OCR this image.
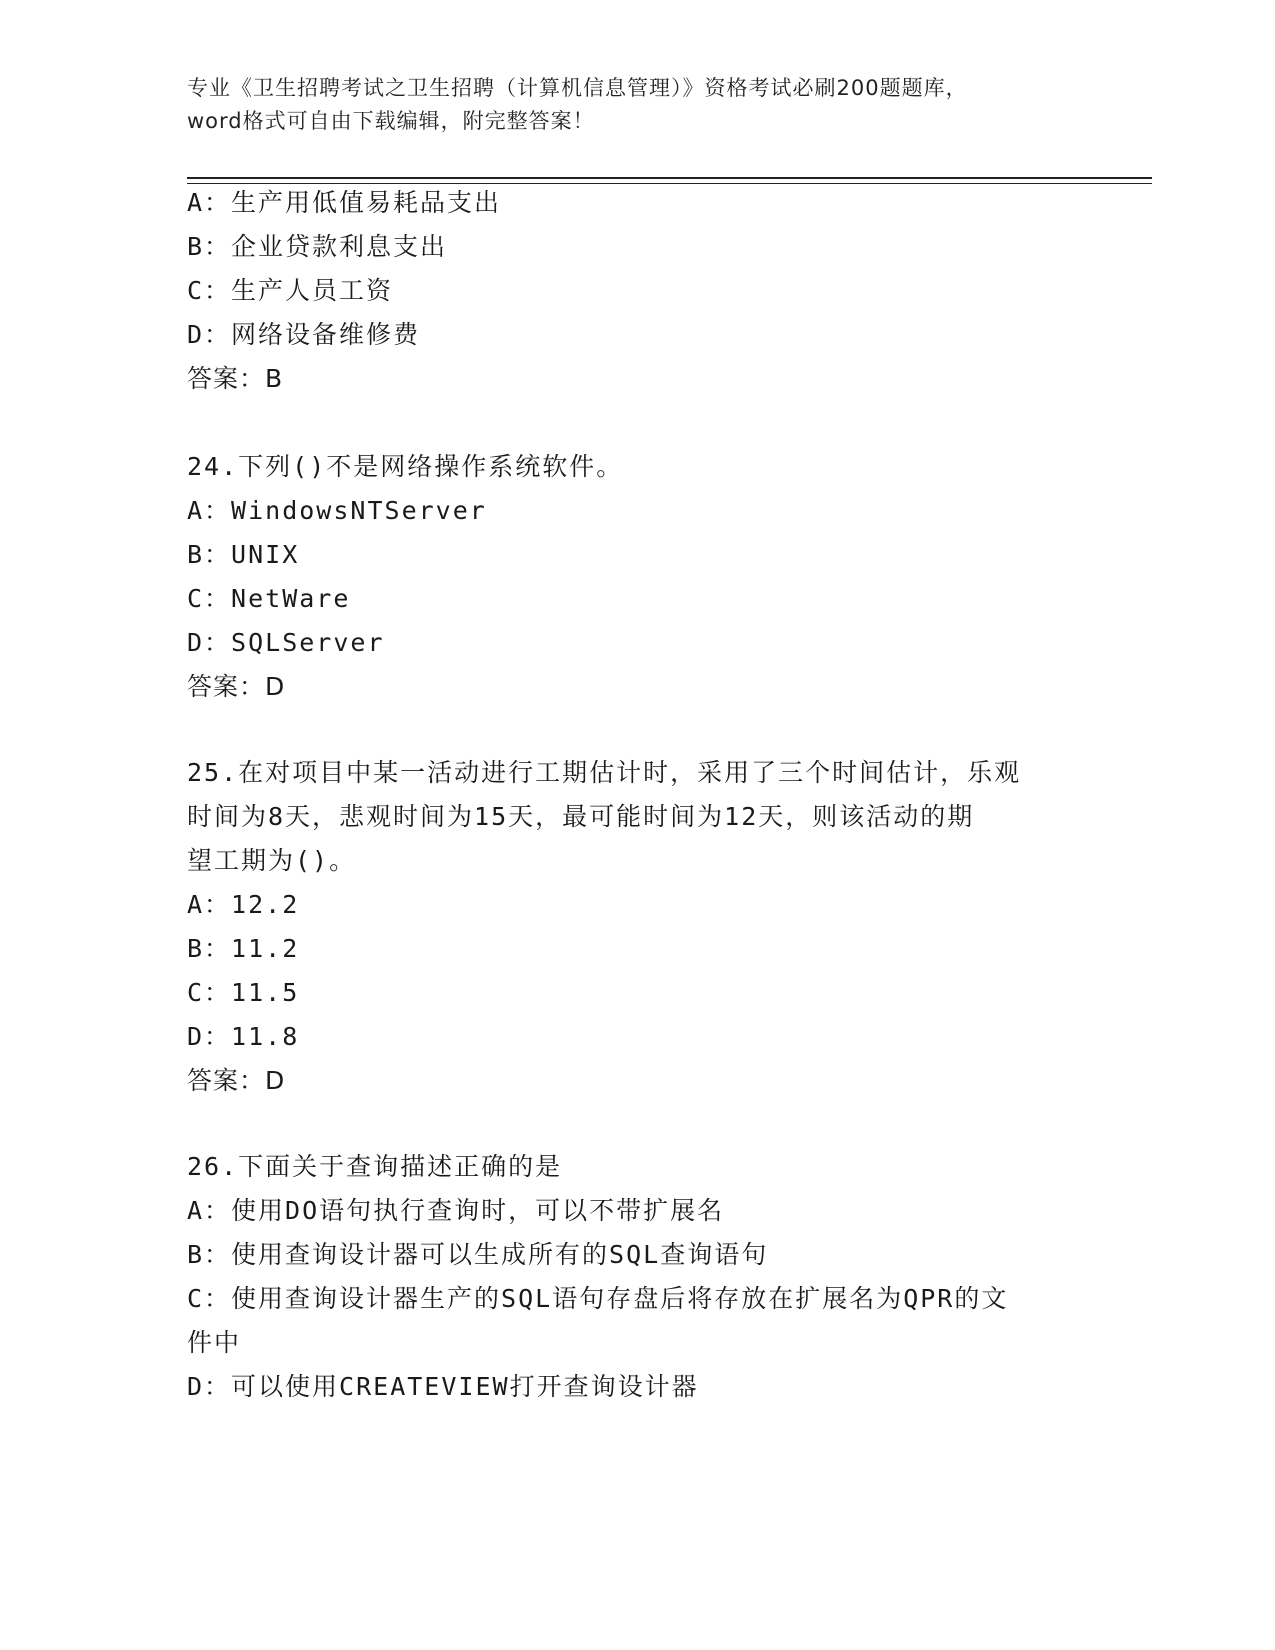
专业《卫生招聘考试之卫生招聘（计算机信息管理）》资格考试必刷200题题库，
word格式可自由下载编辑，附完整答案！
A：生产用低值易耗品支出
B：企业贷款利息支出
C：生产人员工资
D：网络设备维修费
答案：B
24.下列()不是网络操作系统软件。
A：WindowsNTServer
B：UNIX
C：NetWare
D：SQLServer
答案：D
25.在对项目中某一活动进行工期估计时，采用了三个时间估计，乐观
时间为8天，悲观时间为15天，最可能时间为12天，则该活动的期
望工期为()。
A：12.2
B：11.2
C：11.5
D：11.8
答案：D
26.下面关于查询描述正确的是
A：使用DO语句执行查询时，可以不带扩展名
B：使用查询设计器可以生成所有的SQL查询语句
C：使用查询设计器生产的SQL语句存盘后将存放在扩展名为QPR的文
件中
D：可以使用CREATEVIEW打开查询设计器
